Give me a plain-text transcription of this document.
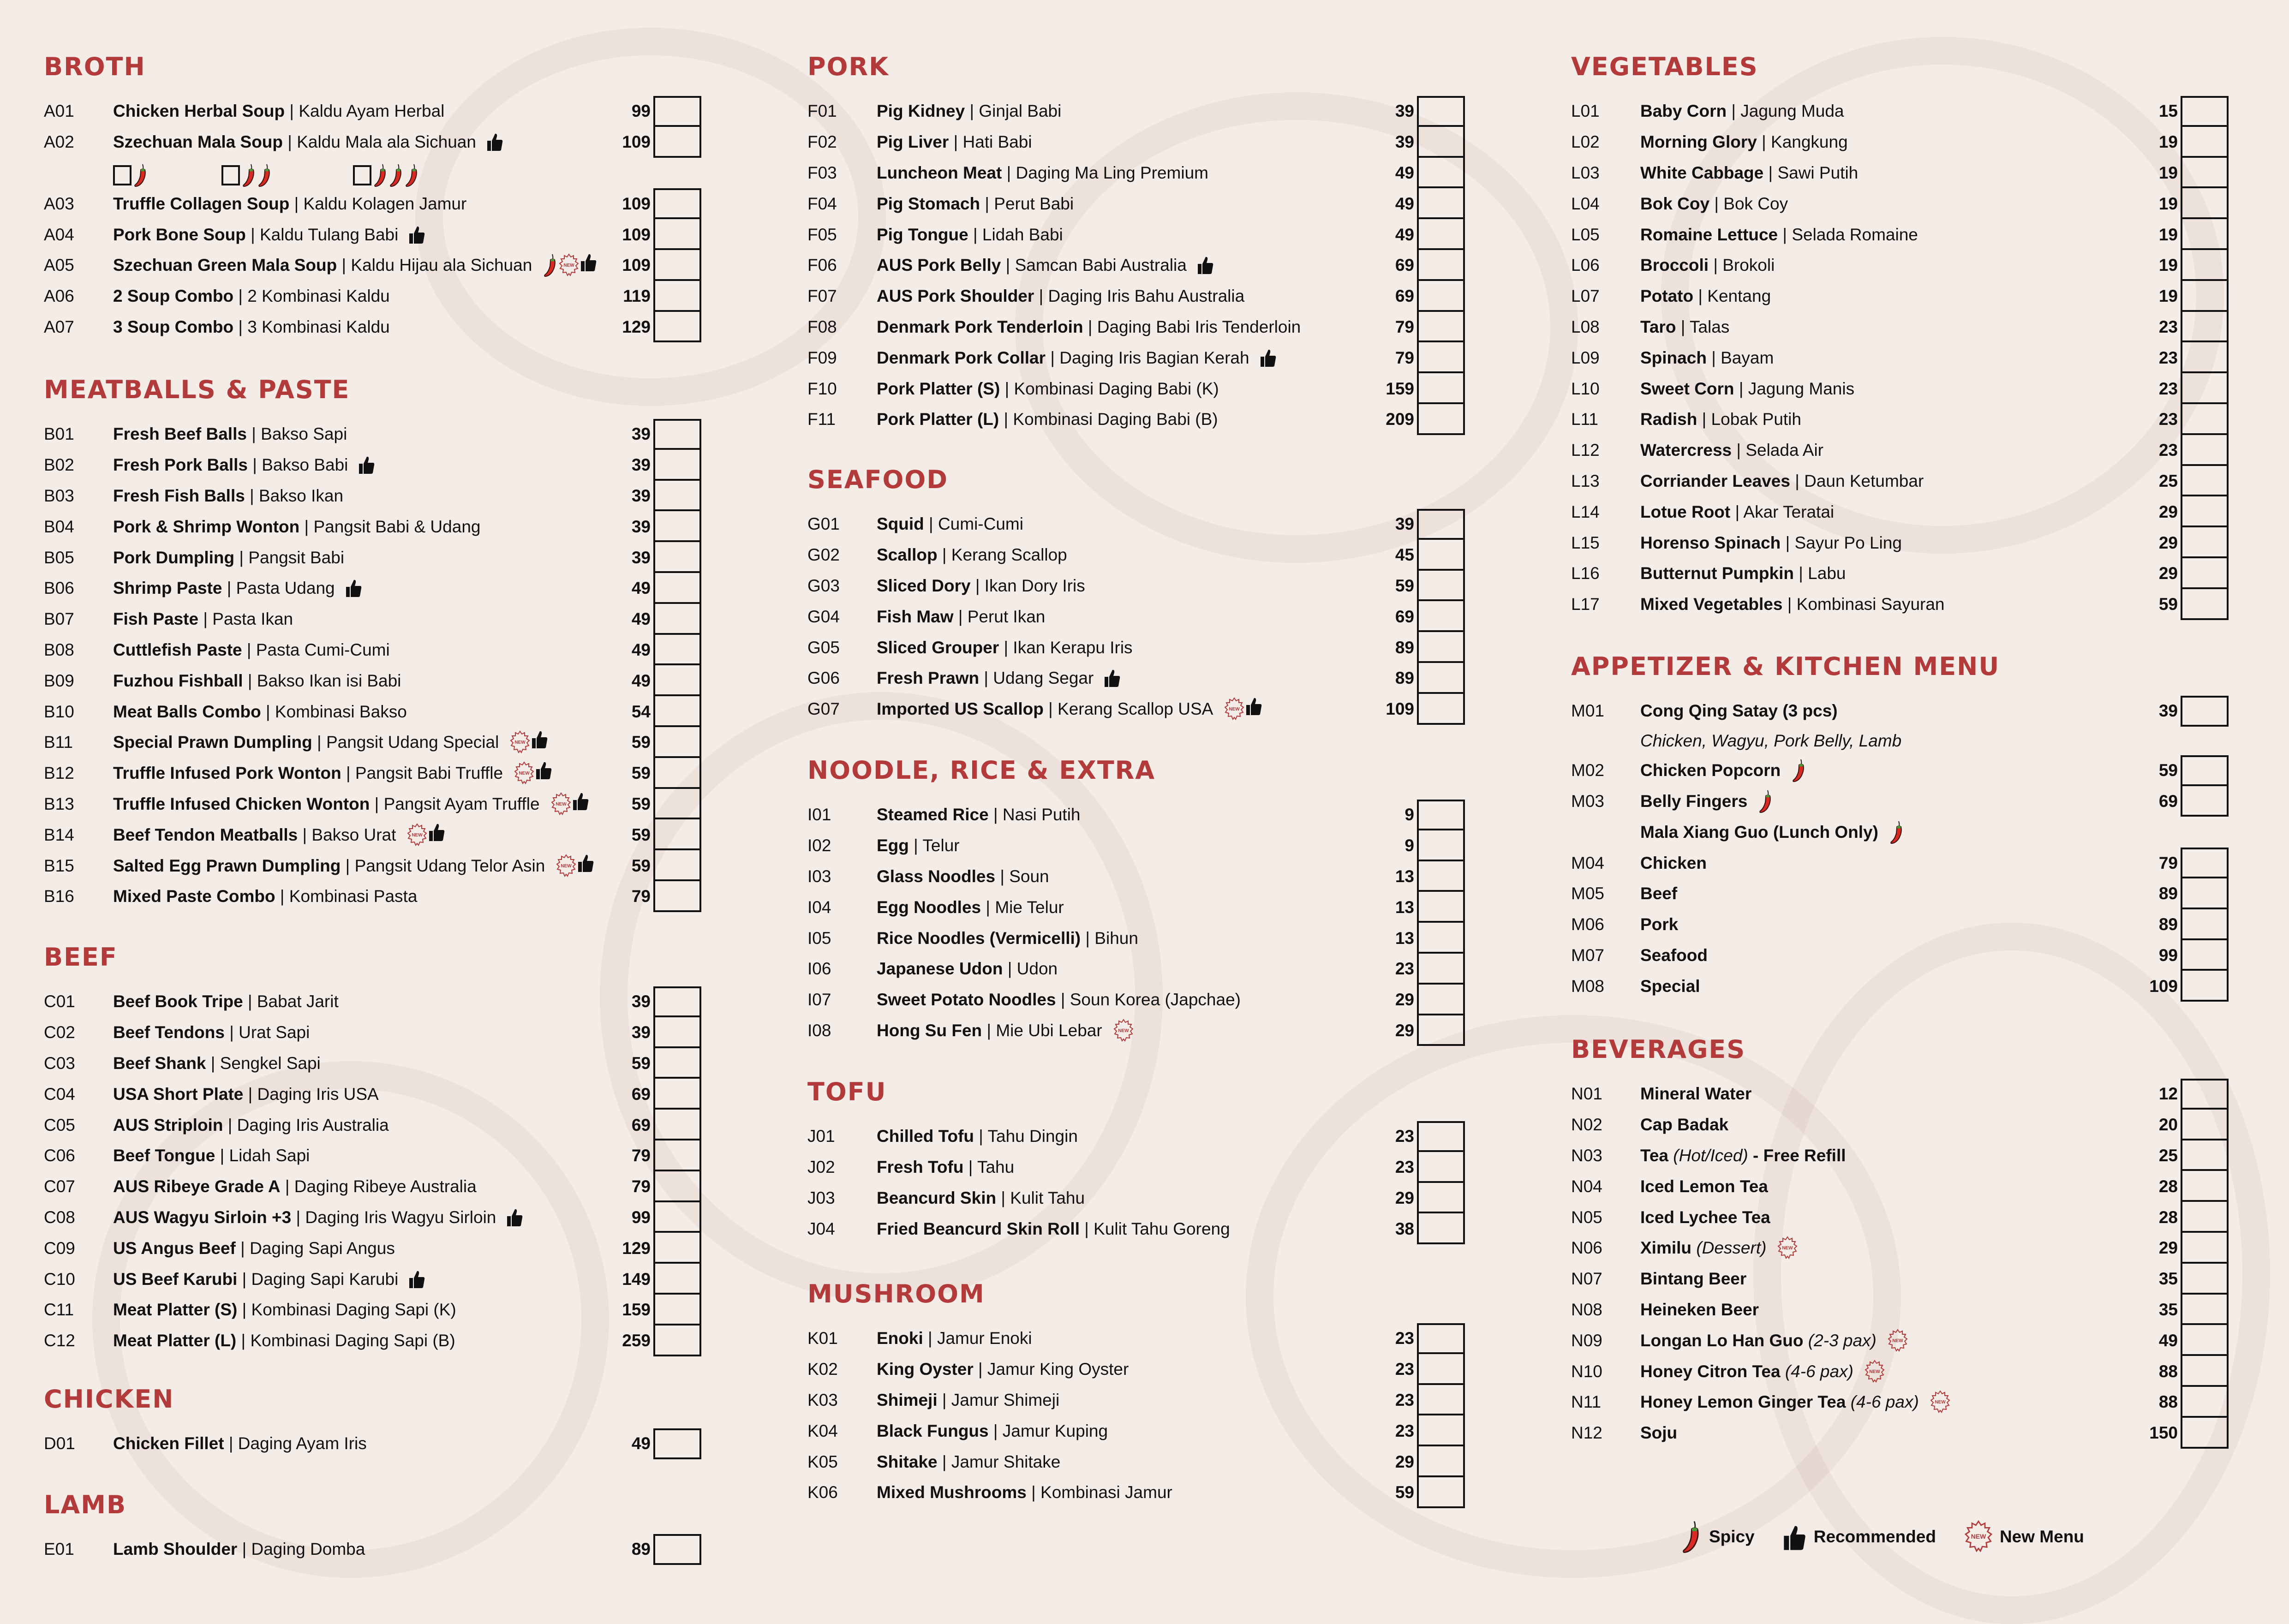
BROTH
A01	Chicken Herbal Soup | Kaldu Ayam Herbal	99
A02	Szechuan Mala Soup | Kaldu Mala ala Sichuan	109
A03	Truffle Collagen Soup | Kaldu Kolagen Jamur	109
A04	Pork Bone Soup | Kaldu Tulang Babi	109
A05	Szechuan Green Mala Soup | Kaldu Hijau ala Sichuan	NEW	109
A06	2 Soup Combo | 2 Kombinasi Kaldu	119
A07	3 Soup Combo | 3 Kombinasi Kaldu	129
MEATBALLS & PASTE
B01	Fresh Beef Balls | Bakso Sapi	39
B02	Fresh Pork Balls | Bakso Babi	39
B03	Fresh Fish Balls | Bakso Ikan	39
B04	Pork & Shrimp Wonton | Pangsit Babi & Udang	39
B05	Pork Dumpling | Pangsit Babi	39
B06	Shrimp Paste | Pasta Udang	49
B07	Fish Paste | Pasta Ikan	49
B08	Cuttlefish Paste | Pasta Cumi-Cumi	49
B09	Fuzhou Fishball | Bakso Ikan isi Babi	49
B10	Meat Balls Combo | Kombinasi Bakso	54
B11	Special Prawn Dumpling | Pangsit Udang Special	NEW	59
B12	Truffle Infused Pork Wonton | Pangsit Babi Truffle	NEW	59
B13	Truffle Infused Chicken Wonton | Pangsit Ayam Truffle	NEW	59
B14	Beef Tendon Meatballs | Bakso Urat	NEW	59
B15	Salted Egg Prawn Dumpling | Pangsit Udang Telor Asin	NEW	59
B16	Mixed Paste Combo | Kombinasi Pasta	79
BEEF
C01	Beef Book Tripe | Babat Jarit	39
C02	Beef Tendons | Urat Sapi	39
C03	Beef Shank | Sengkel Sapi	59
C04	USA Short Plate | Daging Iris USA	69
C05	AUS Striploin | Daging Iris Australia	69
C06	Beef Tongue | Lidah Sapi	79
C07	AUS Ribeye Grade A | Daging Ribeye Australia	79
C08	AUS Wagyu Sirloin +3 | Daging Iris Wagyu Sirloin	99
C09	US Angus Beef | Daging Sapi Angus	129
C10	US Beef Karubi | Daging Sapi Karubi	149
C11	Meat Platter (S) | Kombinasi Daging Sapi (K)	159
C12	Meat Platter (L) | Kombinasi Daging Sapi (B)	259
CHICKEN
D01	Chicken Fillet | Daging Ayam Iris	49
LAMB
E01	Lamb Shoulder | Daging Domba	89
PORK
F01	Pig Kidney | Ginjal Babi	39
F02	Pig Liver | Hati Babi	39
F03	Luncheon Meat | Daging Ma Ling Premium	49
F04	Pig Stomach | Perut Babi	49
F05	Pig Tongue | Lidah Babi	49
F06	AUS Pork Belly | Samcan Babi Australia	69
F07	AUS Pork Shoulder | Daging Iris Bahu Australia	69
F08	Denmark Pork Tenderloin | Daging Babi Iris Tenderloin	79
F09	Denmark Pork Collar | Daging Iris Bagian Kerah	79
F10	Pork Platter (S) | Kombinasi Daging Babi (K)	159
F11	Pork Platter (L) | Kombinasi Daging Babi (B)	209
SEAFOOD
G01	Squid | Cumi-Cumi	39
G02	Scallop | Kerang Scallop	45
G03	Sliced Dory | Ikan Dory Iris	59
G04	Fish Maw | Perut Ikan	69
G05	Sliced Grouper | Ikan Kerapu Iris	89
G06	Fresh Prawn | Udang Segar	89
G07	Imported US Scallop | Kerang Scallop USA	NEW	109
NOODLE, RICE & EXTRA
I01	Steamed Rice | Nasi Putih	9
I02	Egg | Telur	9
I03	Glass Noodles | Soun	13
I04	Egg Noodles | Mie Telur	13
I05	Rice Noodles (Vermicelli) | Bihun	13
I06	Japanese Udon | Udon	23
I07	Sweet Potato Noodles | Soun Korea (Japchae)	29
I08	Hong Su Fen | Mie Ubi Lebar	NEW	29
TOFU
J01	Chilled Tofu | Tahu Dingin	23
J02	Fresh Tofu | Tahu	23
J03	Beancurd Skin | Kulit Tahu	29
J04	Fried Beancurd Skin Roll | Kulit Tahu Goreng	38
MUSHROOM
K01	Enoki | Jamur Enoki	23
K02	King Oyster | Jamur King Oyster	23
K03	Shimeji | Jamur Shimeji	23
K04	Black Fungus | Jamur Kuping	23
K05	Shitake | Jamur Shitake	29
K06	Mixed Mushrooms | Kombinasi Jamur	59
VEGETABLES
L01	Baby Corn | Jagung Muda	15
L02	Morning Glory | Kangkung	19
L03	White Cabbage | Sawi Putih	19
L04	Bok Coy | Bok Coy	19
L05	Romaine Lettuce | Selada Romaine	19
L06	Broccoli | Brokoli	19
L07	Potato | Kentang	19
L08	Taro | Talas	23
L09	Spinach | Bayam	23
L10	Sweet Corn | Jagung Manis	23
L11	Radish | Lobak Putih	23
L12	Watercress | Selada Air	23
L13	Corriander Leaves | Daun Ketumbar	25
L14	Lotue Root | Akar Teratai	29
L15	Horenso Spinach | Sayur Po Ling	29
L16	Butternut Pumpkin | Labu	29
L17	Mixed Vegetables | Kombinasi Sayuran	59
APPETIZER & KITCHEN MENU
M01	Cong Qing Satay (3 pcs)	39
Chicken, Wagyu, Pork Belly, Lamb
M02	Chicken Popcorn	59
M03	Belly Fingers	69
Mala Xiang Guo (Lunch Only)
M04	Chicken	79
M05	Beef	89
M06	Pork	89
M07	Seafood	99
M08	Special	109
BEVERAGES
N01	Mineral Water	12
N02	Cap Badak	20
N03	Tea (Hot/Iced) - Free Refill	25
N04	Iced Lemon Tea	28
N05	Iced Lychee Tea	28
N06	Ximilu (Dessert)	NEW	29
N07	Bintang Beer	35
N08	Heineken Beer	35
N09	Longan Lo Han Guo (2-3 pax)	NEW	49
N10	Honey Citron Tea (4-6 pax)	NEW	88
N11	Honey Lemon Ginger Tea (4-6 pax)	NEW	88
N12	Soju	150
Spicy	Recommended	NEW New Menu
